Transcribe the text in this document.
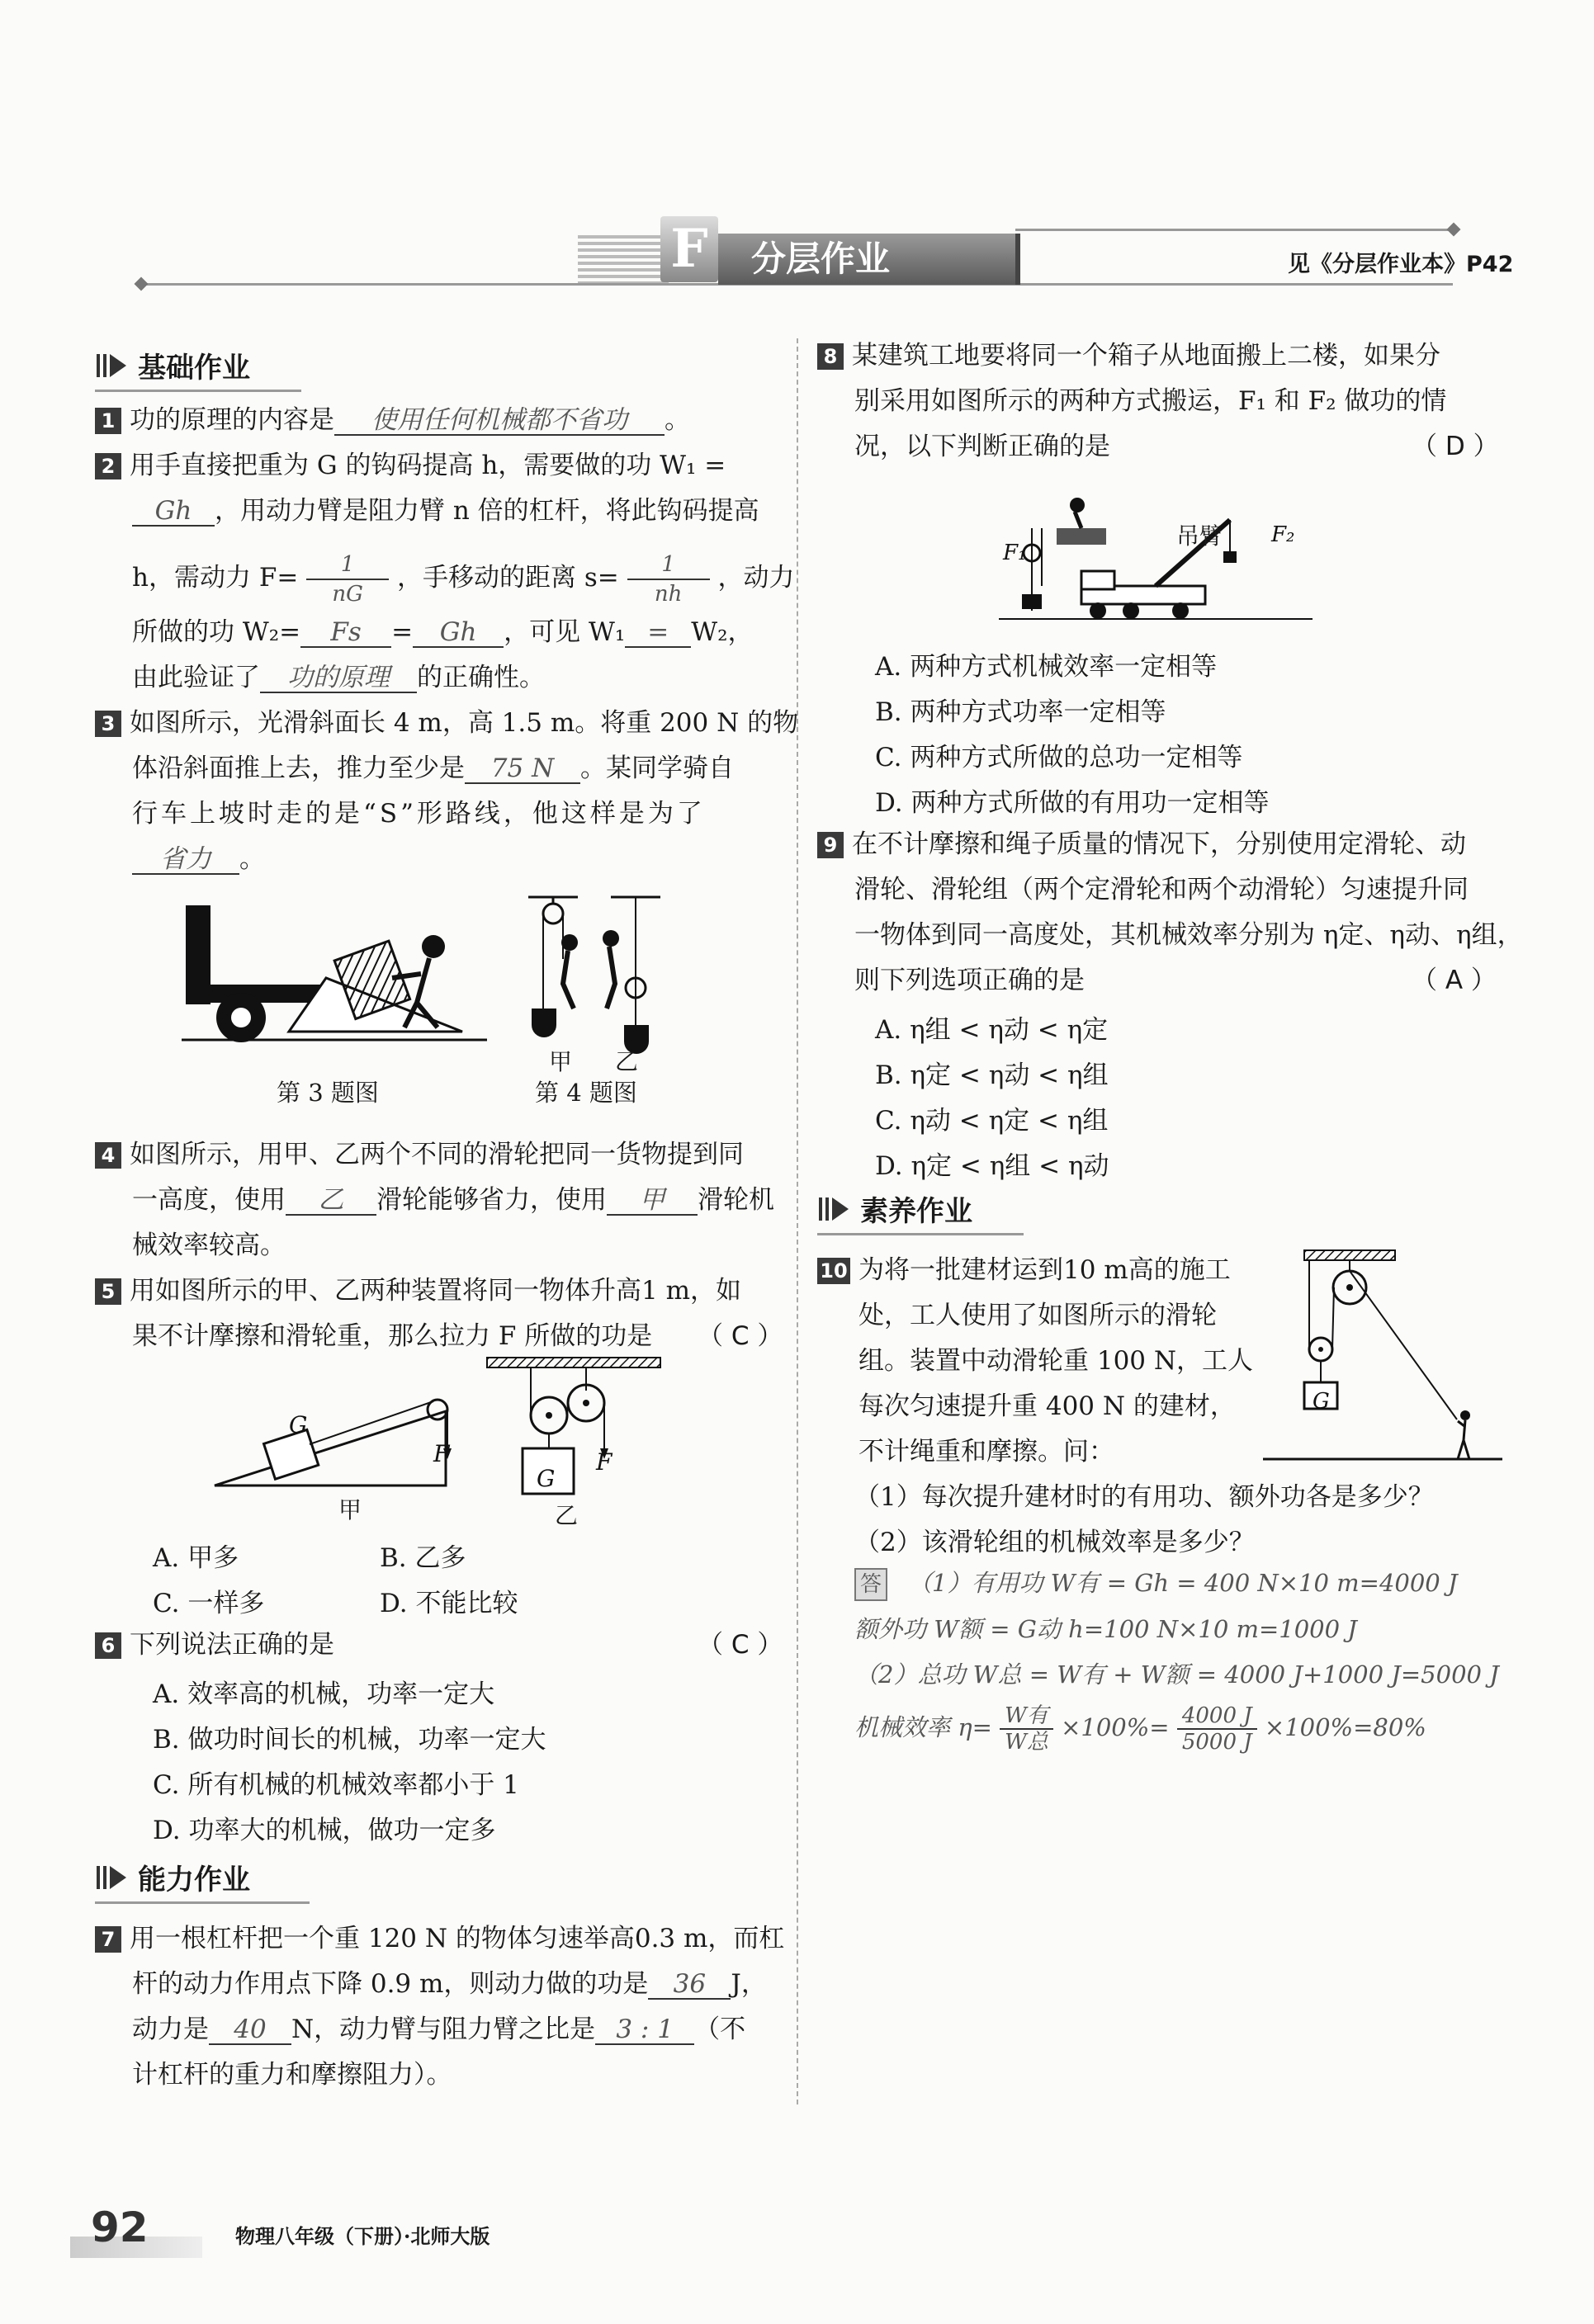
F	分层作业	见《分层作业本》P42
基础作业
1 功的原理的内容是 使用任何机械都不省功 。
2 用手直接把重为 G 的钩码提高 h，需要做的功 W₁ =
Gh ，用动力臂是阻力臂 n 倍的杠杆，将此钩码提高
h，需动力 $F= \frac{1}{nG}$ ，手移动的距离 $s= \frac{1}{nh}$ ，动力
所做的功 W₂= Fs = Gh ，可见 W₁ = W₂，
由此验证了 功的原理 的正确性。
3 如图所示，光滑斜面长 4 m，高 1.5 m。将重 200 N 的物
体沿斜面推上去，推力至少是 75 N 。某同学骑自
行车上坡时走的是“S”形路线，他这样是为了
省力 。
第 3 题图
甲 乙
第 4 题图
4 如图所示，用甲、乙两个不同的滑轮把同一货物提到同
一高度，使用 乙 滑轮能够省力，使用 甲 滑轮机
械效率较高。
5 用如图所示的甲、乙两种装置将同一物体升高1 m，如
果不计摩擦和滑轮重，那么拉力 F 所做的功是 （ C ）
G
F
甲
G
F
乙
A. 甲多	B. 乙多
C. 一样多	D. 不能比较
6 下列说法正确的是	（ C ）
A. 效率高的机械，功率一定大
B. 做功时间长的机械，功率一定大
C. 所有机械的机械效率都小于 1
D. 功率大的机械，做功一定多
能力作业
7 用一根杠杆把一个重 120 N 的物体匀速举高0.3 m，而杠
杆的动力作用点下降 0.9 m，则动力做的功是 36 J，
动力是 40 N，动力臂与阻力臂之比是 3 : 1 （不
计杠杆的重力和摩擦阻力）。
8 某建筑工地要将同一个箱子从地面搬上二楼，如果分
别采用如图所示的两种方式搬运，F₁ 和 F₂ 做功的情
况，以下判断正确的是	（ D ）
F₁
吊臂 F₂
A. 两种方式机械效率一定相等
B. 两种方式功率一定相等
C. 两种方式所做的总功一定相等
D. 两种方式所做的有用功一定相等
9 在不计摩擦和绳子质量的情况下，分别使用定滑轮、动
滑轮、滑轮组（两个定滑轮和两个动滑轮）匀速提升同
一物体到同一高度处，其机械效率分别为 η定、η动、η组，
则下列选项正确的是	（ A ）
A. η组 < η动 < η定
B. η定 < η动 < η组
C. η动 < η定 < η组
D. η定 < η组 < η动
素养作业
10 为将一批建材运到10 m高的施工
处，工人使用了如图所示的滑轮
组。装置中动滑轮重 100 N，工人
每次匀速提升重 400 N 的建材，
不计绳重和摩擦。问：
G
（1）每次提升建材时的有用功、额外功各是多少？
（2）该滑轮组的机械效率是多少？
答 （1）有用功 W有 = Gh = 400 N×10 m=4000 J
额外功 W额 = G动 h=100 N×10 m=1000 J
（2）总功 W总 = W有 + W额 = 4000 J+1000 J=5000 J
机械效率 $\eta= \frac{\text{W有}}{\text{W总}} \times 100\%= \frac{4000 J}{5000 J} \times 100\%=80\%$
92	物理八年级（下册）·北师大版
